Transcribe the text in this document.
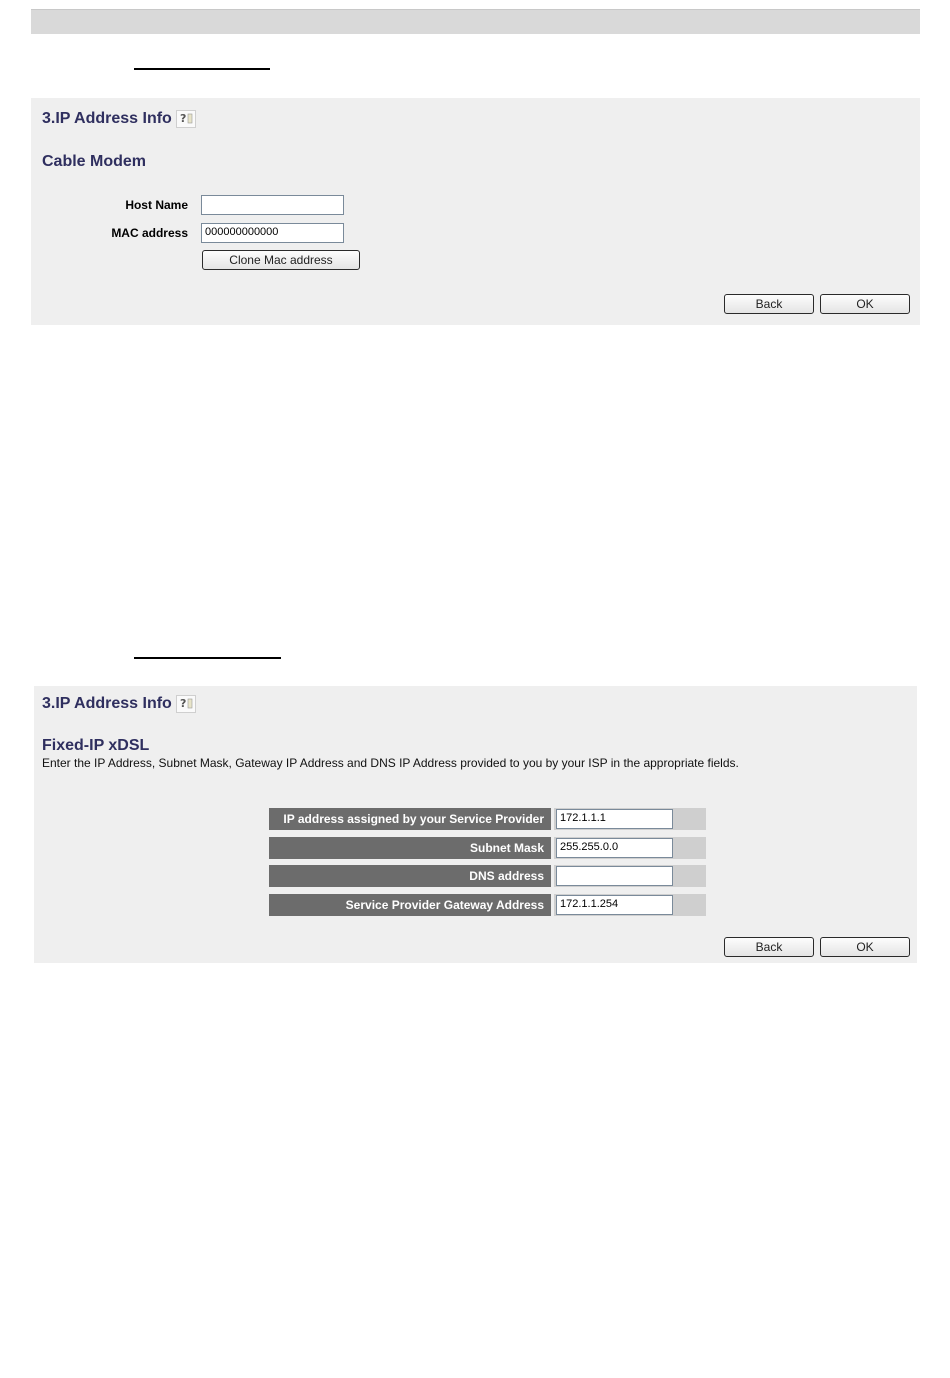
3.IP Address Info ?
Cable Modem
Host Name
MAC address	000000000000
Clone Mac address
Back	OK
3.IP Address Info ?
Fixed-IP xDSL
Enter the IP Address, Subnet Mask, Gateway IP Address and DNS IP Address provided to you by your ISP in the appropriate fields.
IP address assigned by your Service Provider	172.1.1.1
Subnet Mask	255.255.0.0
DNS address
Service Provider Gateway Address	172.1.1.254
Back	OK
